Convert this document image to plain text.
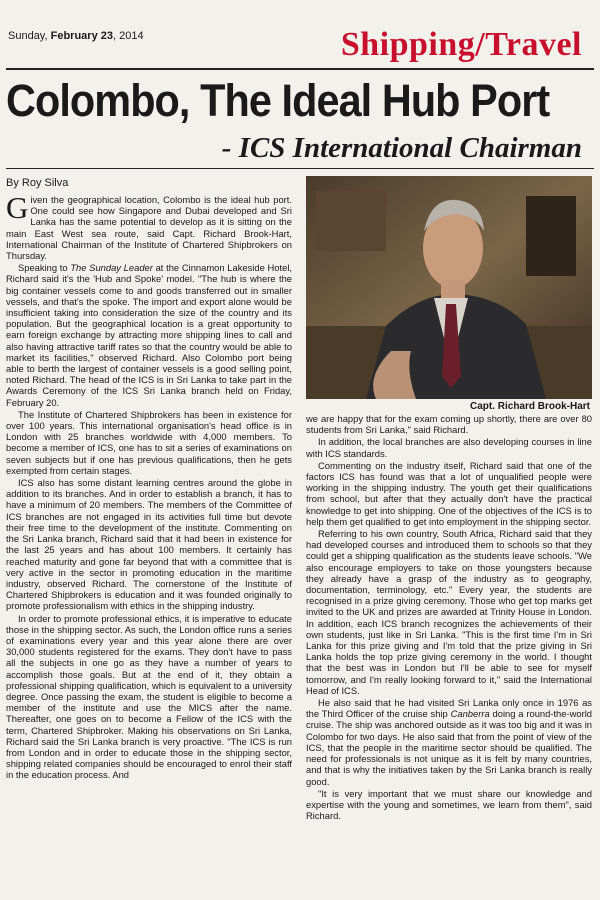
Sunday, February 23, 2014	Shipping/Travel
Colombo, The Ideal Hub Port
- ICS International Chairman
By Roy Silva

Given the geographical location, Colombo is the ideal hub port. One could see how Singapore and Dubai developed and Sri Lanka has the same potential to develop as it is sitting on the main East West sea route, said Capt. Richard Brook-Hart, International Chairman of the Institute of Chartered Shipbrokers on Thursday.

Speaking to The Sunday Leader at the Cinnamon Lakeside Hotel, Richard said it's the 'Hub and Spoke' model. "The hub is where the big container vessels come to and goods transferred out in smaller vessels, and that's the spoke. The import and export alone would be insufficient taking into consideration the size of the country and its population. But the geographical location is a great opportunity to earn foreign exchange by attracting more shipping lines to call and also having attractive tariff rates so that the country would be able to market its facilities," observed Richard. Also Colombo port being able to berth the largest of container vessels is a good selling point, noted Richard. The head of the ICS is in Sri Lanka to take part in the Awards Ceremony of the ICS Sri Lanka branch held on Friday, February 20.

The Institute of Chartered Shipbrokers has been in existence for over 100 years. This international organisation's head office is in London with 25 branches worldwide with 4,000 members. To become a member of ICS, one has to sit a series of examinations on seven subjects but if one has previous qualifications, then he gets exempted from certain stages.

ICS also has some distant learning centres around the globe in addition to its branches. And in order to establish a branch, it has to have a minimum of 20 members. The members of the Committee of ICS branches are not engaged in its activities full time but devote their free time to the development of the institute. Commenting on the Sri Lanka branch, Richard said that it had been in existence for the last 25 years and has about 100 members. It certainly has reached maturity and gone far beyond that with a committee that is very active in the sector in promoting education in the maritime industry, observed Richard. The cornerstone of the Institute of Chartered Shipbrokers is education and it was founded originally to promote professionalism with ethics in the shipping industry.

In order to promote professional ethics, it is imperative to educate those in the shipping sector. As such, the London office runs a series of examinations every year and this year alone there are over 30,000 students registered for the exams. They don't have to pass all the subjects in one go as they have a number of years to accomplish those goals. But at the end of it, they obtain a professional shipping qualification, which is equivalent to a university degree. Once passing the exam, the student is eligible to become a member of the institute and use the MICS after the name. Thereafter, one goes on to become a Fellow of the ICS with the term, Chartered Shipbroker. Making his observations on Sri Lanka, Richard said the Sri Lanka branch is very proactive. "The ICS is run from London and in order to educate those in the shipping sector, shipping related companies should be encouraged to enrol their staff in the education process. And

Capt. Richard Brook-Hart

we are happy that for the exam coming up shortly, there are over 80 students from Sri Lanka," said Richard.

In addition, the local branches are also developing courses in line with ICS standards.

Commenting on the industry itself, Richard said that one of the factors ICS has found was that a lot of unqualified people were working in the shipping industry. The youth get their qualifications from school, but after that they actually don't have the practical knowledge to get into shipping. One of the objectives of the ICS is to help them get qualified to get into employment in the shipping sector.

Referring to his own country, South Africa, Richard said that they had developed courses and introduced them to schools so that they could get a shipping qualification as the students leave schools. "We also encourage employers to take on those youngsters because they already have a grasp of the industry as to geography, documentation, terminology, etc." Every year, the students are recognised in a prize giving ceremony. Those who get top marks get invited to the UK and prizes are awarded at Trinity House in London. In addition, each ICS branch recognizes the achievements of their own students, just like in Sri Lanka. "This is the first time I'm in Sri Lanka for this prize giving and I'm told that the prize giving in Sri Lanka holds the top prize giving ceremony in the world. I thought that the best was in London but I'll be able to see for myself tomorrow, and I'm really looking forward to it," said the International Head of ICS.

He also said that he had visited Sri Lanka only once in 1976 as the Third Officer of the cruise ship Canberra doing a round-the-world cruise. The ship was anchored outside as it was too big and it was in Colombo for two days. He also said that from the point of view of the ICS, that the people in the maritime sector should be qualified. The need for professionals is not unique as it is felt by many countries, and that is why the initiatives taken by the Sri Lanka branch is really good.

"It is very important that we must share our knowledge and expertise with the young and sometimes, we learn from them", said Richard.
